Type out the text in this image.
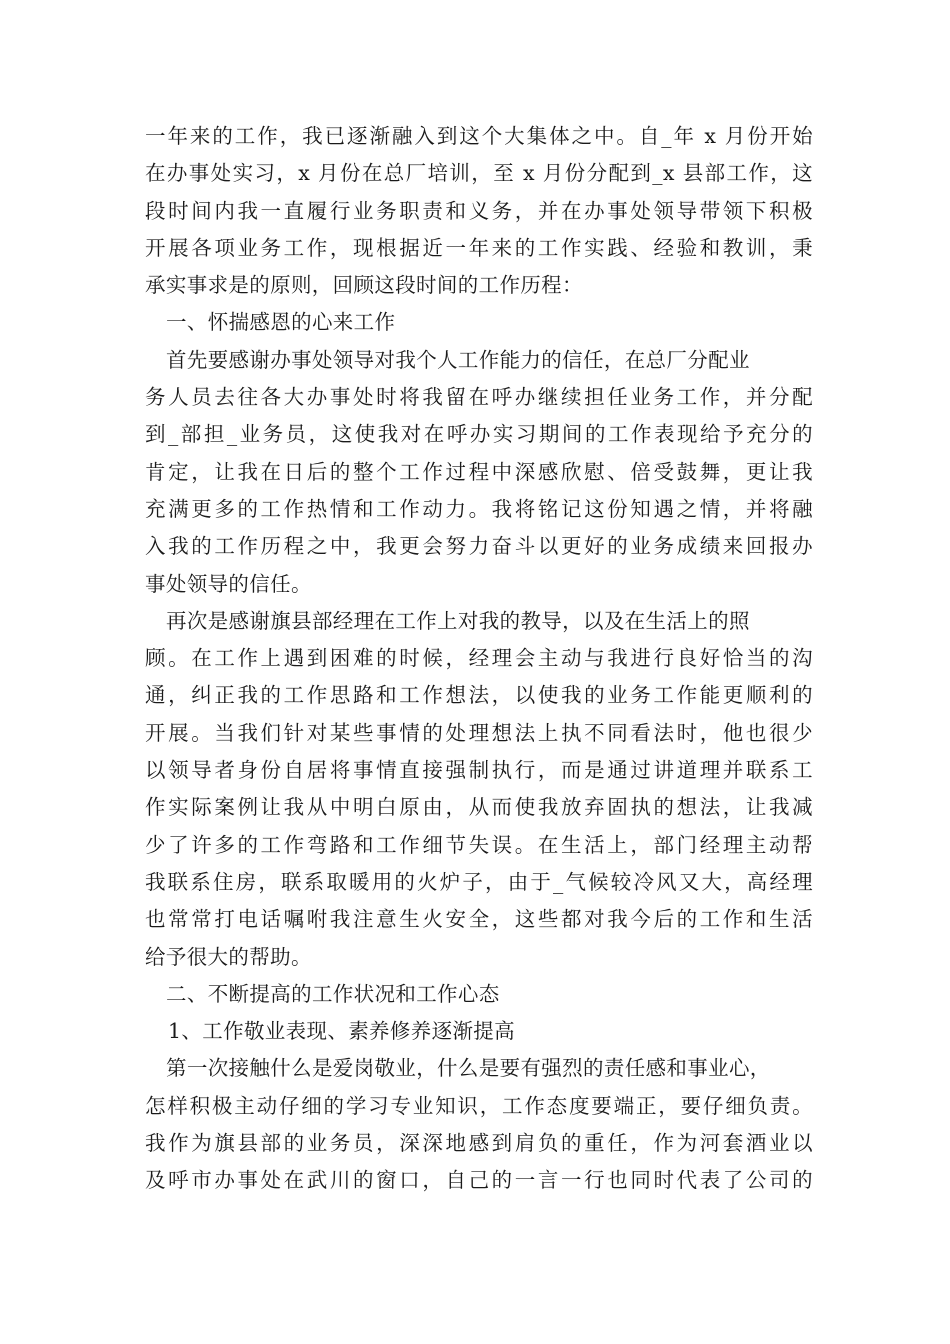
一年来的工作，我已逐渐融入到这个大集体之中。自_年 x 月份开始
在办事处实习，x 月份在总厂培训，至 x 月份分配到_x 县部工作，这
段时间内我一直履行业务职责和义务，并在办事处领导带领下积极
开展各项业务工作，现根据近一年来的工作实践、经验和教训，秉
承实事求是的原则，回顾这段时间的工作历程：
一、怀揣感恩的心来工作
首先要感谢办事处领导对我个人工作能力的信任，在总厂分配业
务人员去往各大办事处时将我留在呼办继续担任业务工作，并分配
到_部担_业务员，这使我对在呼办实习期间的工作表现给予充分的
肯定，让我在日后的整个工作过程中深感欣慰、倍受鼓舞，更让我
充满更多的工作热情和工作动力。我将铭记这份知遇之情，并将融
入我的工作历程之中，我更会努力奋斗以更好的业务成绩来回报办
事处领导的信任。
再次是感谢旗县部经理在工作上对我的教导，以及在生活上的照
顾。在工作上遇到困难的时候，经理会主动与我进行良好恰当的沟
通，纠正我的工作思路和工作想法，以使我的业务工作能更顺利的
开展。当我们针对某些事情的处理想法上执不同看法时，他也很少
以领导者身份自居将事情直接强制执行，而是通过讲道理并联系工
作实际案例让我从中明白原由，从而使我放弃固执的想法，让我减
少了许多的工作弯路和工作细节失误。在生活上，部门经理主动帮
我联系住房，联系取暖用的火炉子，由于_气候较冷风又大，高经理
也常常打电话嘱咐我注意生火安全，这些都对我今后的工作和生活
给予很大的帮助。
二、不断提高的工作状况和工作心态
1、工作敬业表现、素养修养逐渐提高
第一次接触什么是爱岗敬业，什么是要有强烈的责任感和事业心，
怎样积极主动仔细的学习专业知识，工作态度要端正，要仔细负责。
我作为旗县部的业务员，深深地感到肩负的重任，作为河套酒业以
及呼市办事处在武川的窗口，自己的一言一行也同时代表了公司的
